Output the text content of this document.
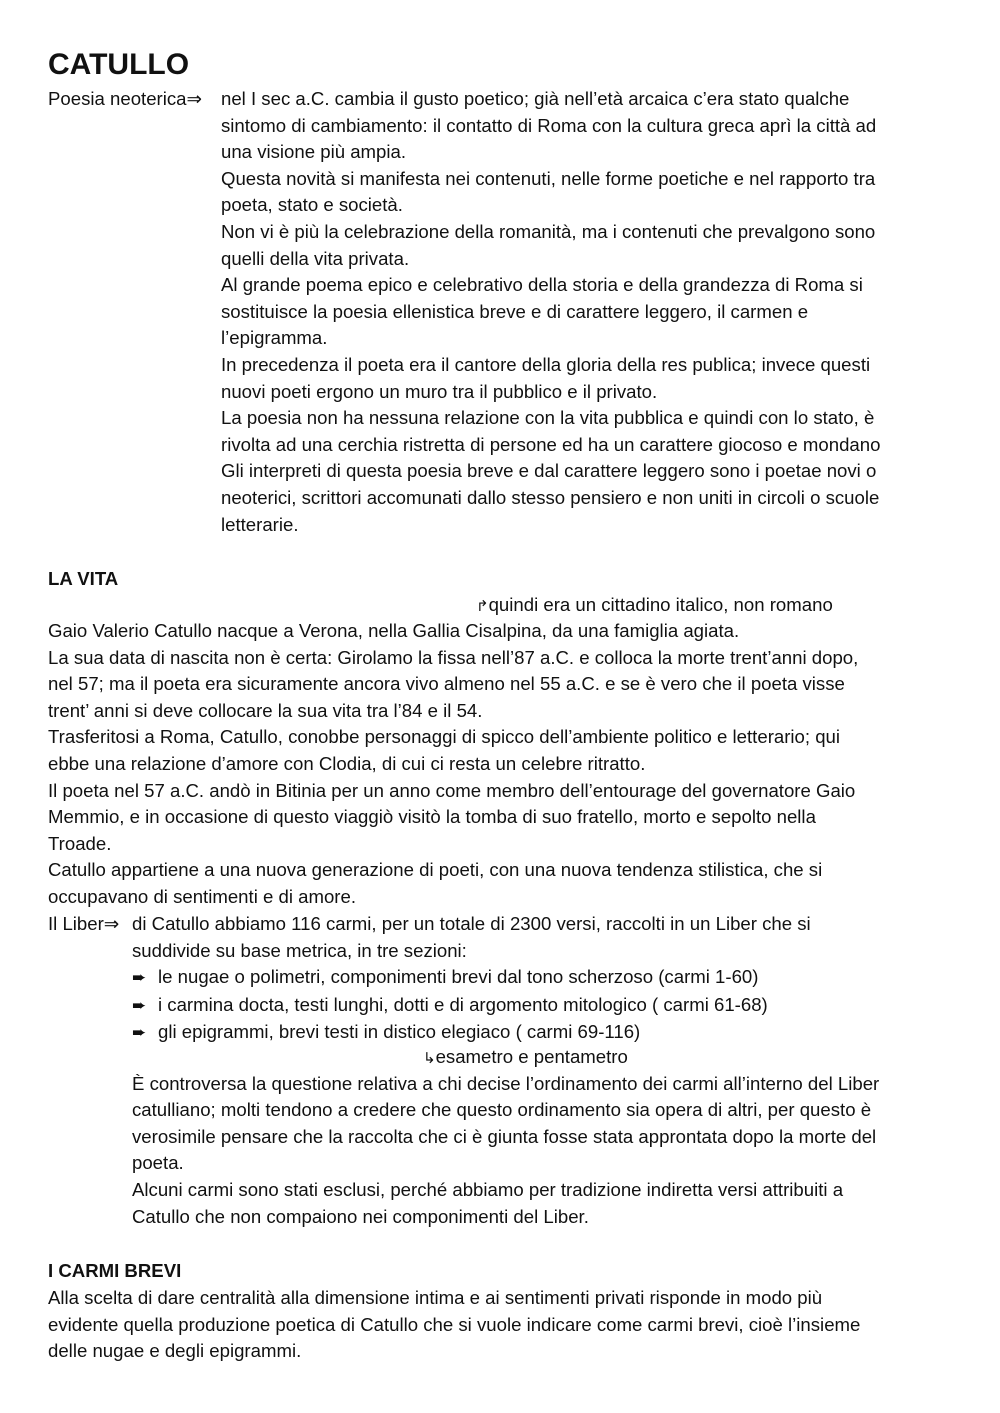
CATULLO
Poesia neoterica⇒ nel I sec a.C. cambia il gusto poetico; già nell’età arcaica c’era stato qualche
sintomo di cambiamento: il contatto di Roma con la cultura greca aprì la città ad
una visione più ampia.
Questa novità si manifesta nei contenuti, nelle forme poetiche e nel rapporto tra
poeta, stato e società.
Non vi è più la celebrazione della romanità, ma i contenuti che prevalgono sono
quelli della vita privata.
Al grande poema epico e celebrativo della storia e della grandezza di Roma si
sostituisce la poesia ellenistica breve e di carattere leggero, il carmen e
l’epigramma.
In precedenza il poeta era il cantore della gloria della res publica; invece questi
nuovi poeti ergono un muro tra il pubblico e il privato.
La poesia non ha nessuna relazione con la vita pubblica e quindi con lo stato, è
rivolta ad una cerchia ristretta di persone ed ha un carattere giocoso e mondano
Gli interpreti di questa poesia breve e dal carattere leggero sono i poetae novi o
neoterici, scrittori accomunati dallo stesso pensiero e non uniti in circoli o scuole
letterarie.
LA VITA
↱quindi era un cittadino italico, non romano
Gaio Valerio Catullo nacque a Verona, nella Gallia Cisalpina, da una famiglia agiata.
La sua data di nascita non è certa: Girolamo la fissa nell’87 a.C. e colloca la morte trent’anni dopo,
nel 57; ma il poeta era sicuramente ancora vivo almeno nel 55 a.C. e se è vero che il poeta visse
trent’ anni si deve collocare la sua vita tra l’84 e il 54.
Trasferitosi a Roma, Catullo, conobbe personaggi di spicco dell’ambiente politico e letterario; qui
ebbe una relazione d’amore con Clodia, di cui ci resta un celebre ritratto.
Il poeta nel 57 a.C. andò in Bitinia per un anno come membro dell’entourage del governatore Gaio
Memmio, e in occasione di questo viaggiò visitò la tomba di suo fratello, morto e sepolto nella
Troade.
Catullo appartiene a una nuova generazione di poeti, con una nuova tendenza stilistica, che si
occupavano di sentimenti e di amore.
Il Liber⇒ di Catullo abbiamo 116 carmi, per un totale di 2300 versi, raccolti in un Liber che si
suddivide su base metrica, in tre sezioni:
➨ le nugae o polimetri, componimenti brevi dal tono scherzoso (carmi 1-60)
➨ i carmina docta, testi lunghi, dotti e di argomento mitologico ( carmi 61-68)
➨ gli epigrammi, brevi testi in distico elegiaco ( carmi 69-116)
↳esametro e pentametro
È controversa la questione relativa a chi decise l’ordinamento dei carmi all’interno del Liber
catulliano; molti tendono a credere che questo ordinamento sia opera di altri, per questo è
verosimile pensare che la raccolta che ci è giunta fosse stata approntata dopo la morte del
poeta.
Alcuni carmi sono stati esclusi, perché abbiamo per tradizione indiretta versi attribuiti a
Catullo che non compaiono nei componimenti del Liber.
I CARMI BREVI
Alla scelta di dare centralità alla dimensione intima e ai sentimenti privati risponde in modo più
evidente quella produzione poetica di Catullo che si vuole indicare come carmi brevi, cioè l’insieme
delle nugae e degli epigrammi.
